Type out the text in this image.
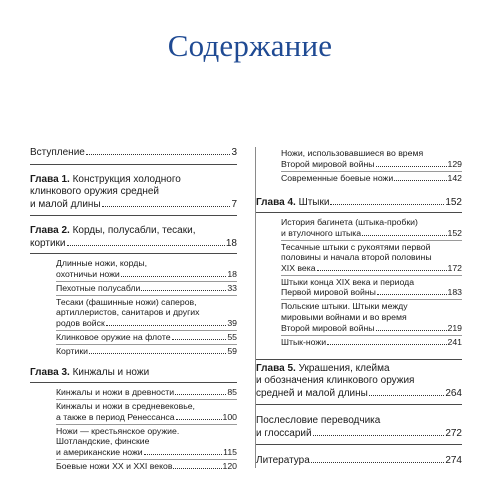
Содержание
Вступление	3
Глава 1. Конструкция холодного
клинкового оружия средней
и малой длины	7
Глава 2. Корды, полусабли, тесаки,
кортики	18
Длинные ножи, корды,
охотничьи ножи	18
Пехотные полусабли	33
Тесаки (фашинные ножи) саперов,
артиллеристов, санитаров и других
родов войск	39
Клинковое оружие на флоте	55
Кортики	59
Глава 3. Кинжалы и ножи
Кинжалы и ножи в древности	85
Кинжалы и ножи в средневековье,
а также в период Ренессанса	100
Ножи — крестьянское оружие.
Шотландские, финские
и американские ножи	115
Боевые ножи XX и XXI веков	120
Ножи, использовавшиеся во время
Второй мировой войны	129
Современные боевые ножи	142
Глава 4. Штыки	152
История багинета (штыка-пробки)
и втулочного штыка	152
Тесачные штыки с рукоятями первой
половины и начала второй половины
XIX века	172
Штыки конца XIX века и периода
Первой мировой войны	183
Польские штыки. Штыки между
мировыми войнами и во время
Второй мировой войны	219
Штык-ножи	241
Глава 5. Украшения, клейма
и обозначения клинкового оружия
средней и малой длины	264
Послесловие переводчика
и глоссарий	272
Литература	274
